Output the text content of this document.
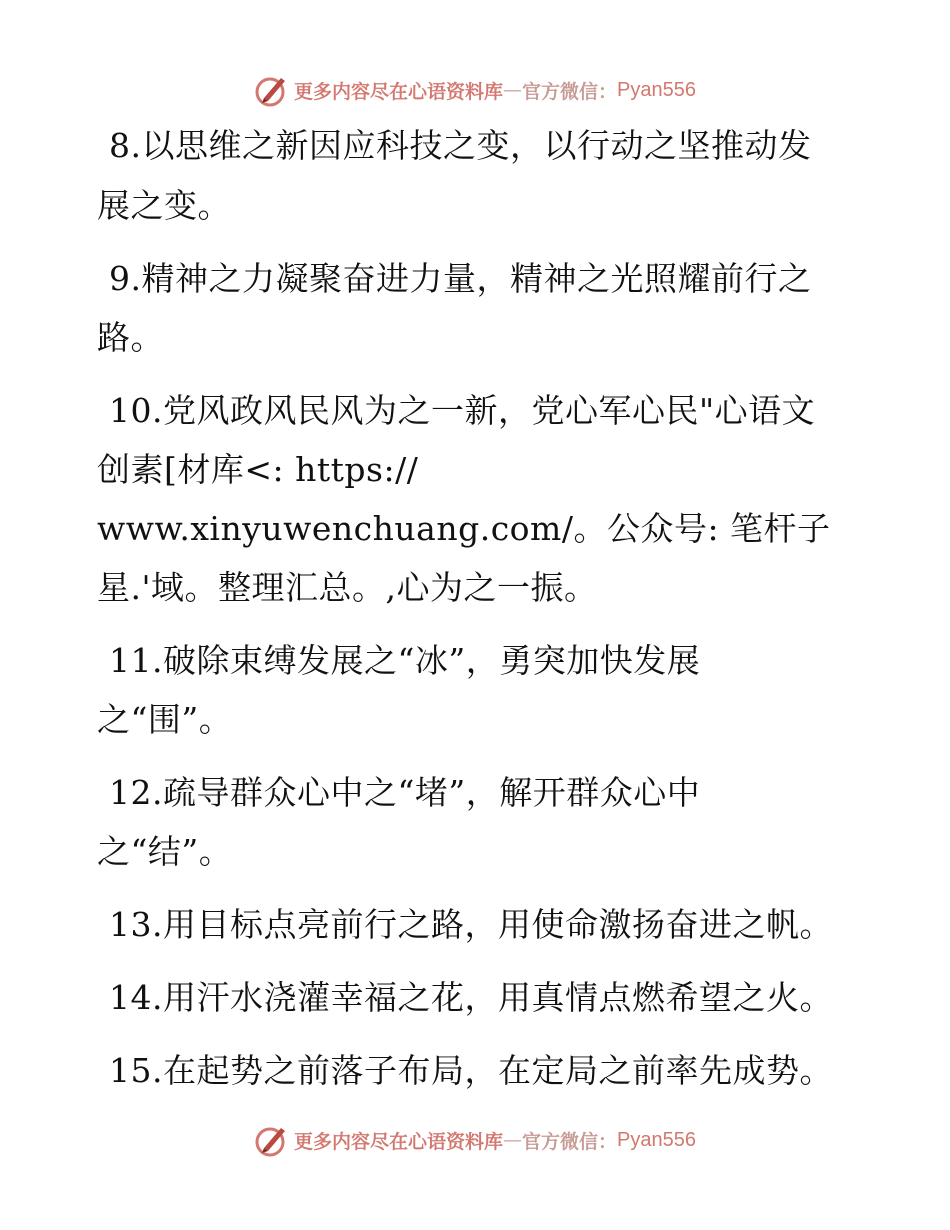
更多内容尽在心语资料库 — 官方微信： Pyan556
8.以思维之新因应科技之变，以行动之坚推动发
展之变。
9.精神之力凝聚奋进力量，精神之光照耀前行之
路。
10.党风政风民风为之一新，党心军心民"心语文
创素[材库<: https://
www.xinyuwenchuang.com/。公众号: 笔杆子
星.'域。整理汇总。,心为之一振。
11.破除束缚发展之“冰”，勇突加快发展
之“围”。
12.疏导群众心中之“堵”，解开群众心中
之“结”。
13.用目标点亮前行之路，用使命激扬奋进之帆。
14.用汗水浇灌幸福之花，用真情点燃希望之火。
15.在起势之前落子布局，在定局之前率先成势。
更多内容尽在心语资料库 — 官方微信： Pyan556
